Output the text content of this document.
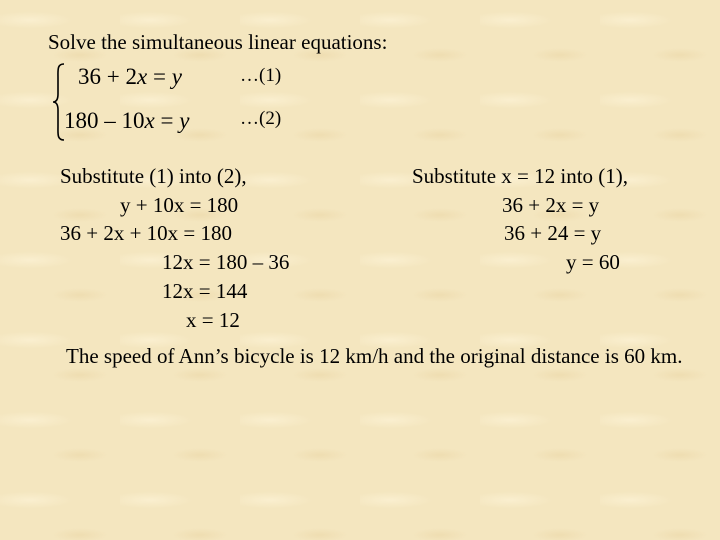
Solve the simultaneous linear equations:
36 + 2x = y	…(1)
180 – 10x = y	…(2)
Substitute (1) into (2),
y + 10x = 180
36 + 2x + 10x = 180
12x = 180 – 36
12x = 144
x = 12
Substitute x = 12 into (1),
36 + 2x = y
36 + 24 = y
y = 60
The speed of Ann’s bicycle is 12 km/h and the original distance is 60 km.
